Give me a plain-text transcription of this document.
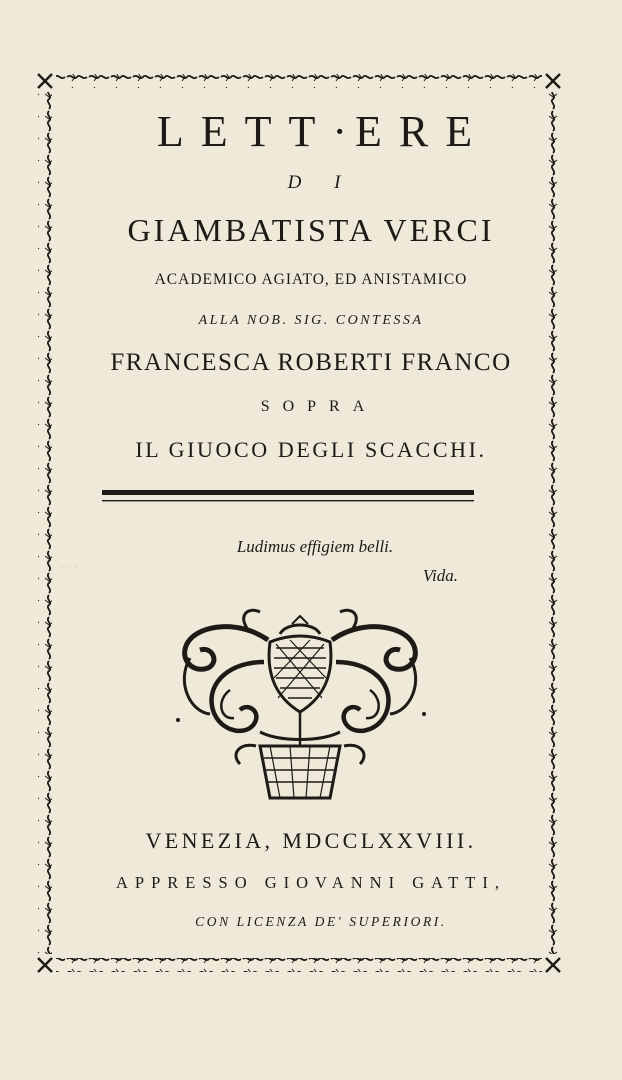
· · ·
LETT· ERE
D I
GIAMBATISTA VERCI
ACADEMICO AGIATO, ED ANISTAMICO
ALLA NOB. SIG. CONTESSA
FRANCESCA ROBERTI FRANCO
SOPRA
IL GIUOCO DEGLI SCACCHI.
Ludimus effigiem belli.
Vida.
VENEZIA, MDCCLXXVIII.
APPRESSO GIOVANNI GATTI,
CON LICENZA DE' SUPERIORI.
